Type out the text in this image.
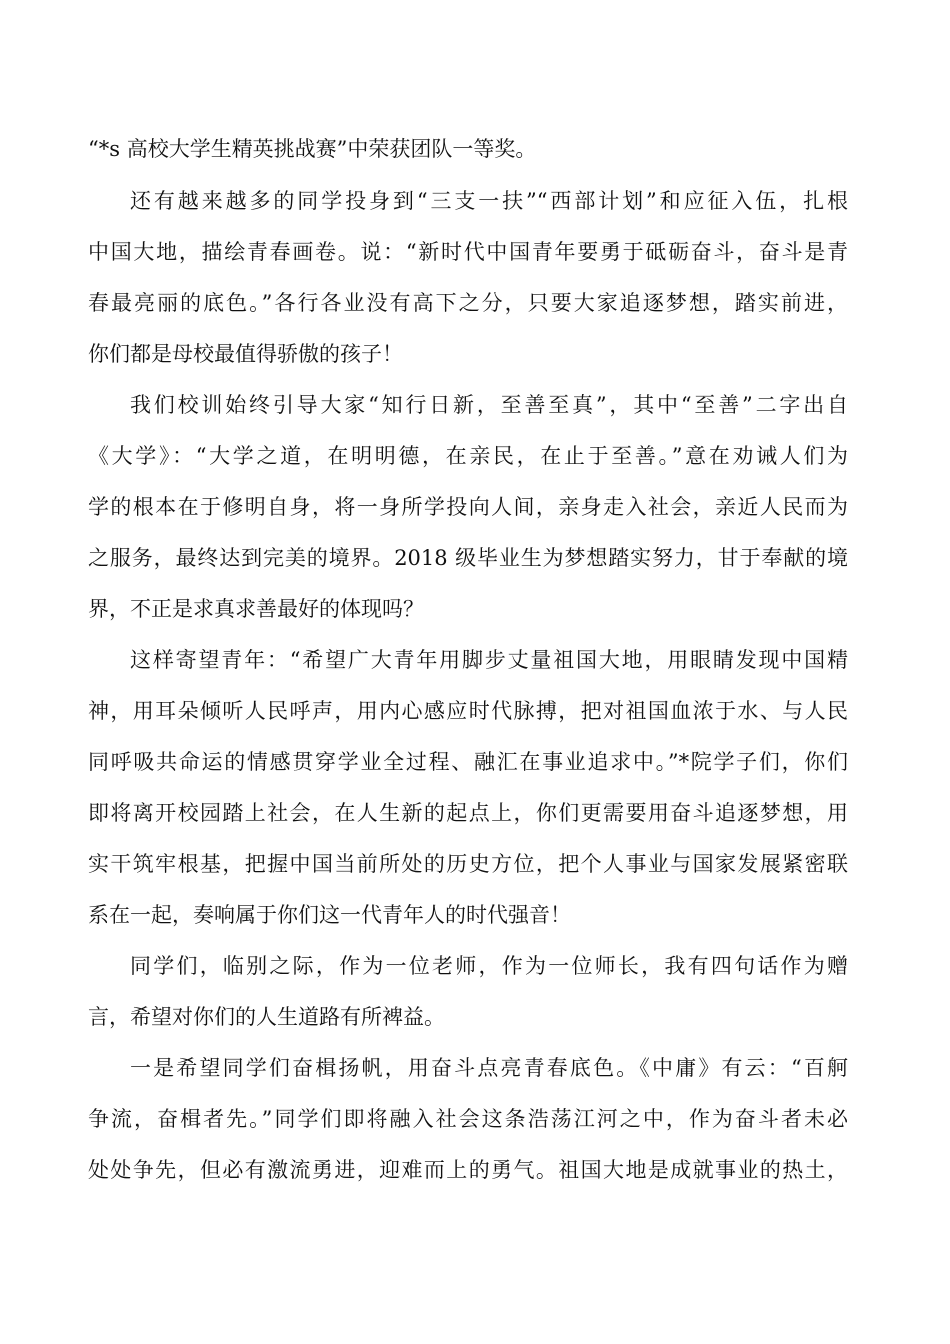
“*s 高校大学生精英挑战赛”中荣获团队一等奖。
还有越来越多的同学投身到“三支一扶”“西部计划”和应征入伍，扎根
中国大地，描绘青春画卷。说：“新时代中国青年要勇于砥砺奋斗，奋斗是青
春最亮丽的底色。”各行各业没有高下之分，只要大家追逐梦想，踏实前进，
你们都是母校最值得骄傲的孩子！
我们校训始终引导大家“知行日新，至善至真”，其中“至善”二字出自
《大学》：“大学之道，在明明德，在亲民，在止于至善。”意在劝诫人们为
学的根本在于修明自身，将一身所学投向人间，亲身走入社会，亲近人民而为
之服务，最终达到完美的境界。2018 级毕业生为梦想踏实努力，甘于奉献的境
界，不正是求真求善最好的体现吗？
这样寄望青年：“希望广大青年用脚步丈量祖国大地，用眼睛发现中国精
神，用耳朵倾听人民呼声，用内心感应时代脉搏，把对祖国血浓于水、与人民
同呼吸共命运的情感贯穿学业全过程、融汇在事业追求中。”*院学子们，你们
即将离开校园踏上社会，在人生新的起点上，你们更需要用奋斗追逐梦想，用
实干筑牢根基，把握中国当前所处的历史方位，把个人事业与国家发展紧密联
系在一起，奏响属于你们这一代青年人的时代强音！
同学们，临别之际，作为一位老师，作为一位师长，我有四句话作为赠
言，希望对你们的人生道路有所裨益。
一是希望同学们奋楫扬帆，用奋斗点亮青春底色。《中庸》有云：“百舸
争流，奋楫者先。”同学们即将融入社会这条浩荡江河之中，作为奋斗者未必
处处争先，但必有激流勇进，迎难而上的勇气。祖国大地是成就事业的热土，
